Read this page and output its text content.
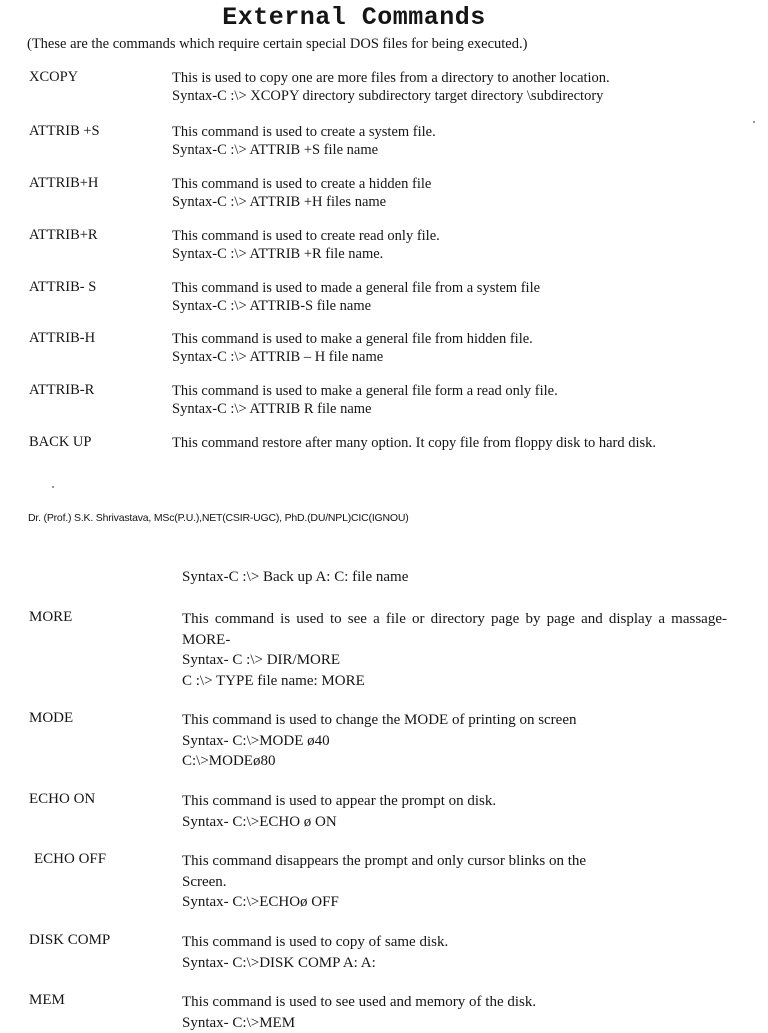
External Commands
(These are the commands which require certain special DOS files for being executed.)
XCOPY	This is used to copy one are more files from a directory to another location.
Syntax-C :\> XCOPY directory subdirectory target directory \subdirectory
ATTRIB +S	This command is used to create a system file.
Syntax-C :\> ATTRIB +S file name
ATTRIB+H	This command is used to create a hidden file
Syntax-C :\> ATTRIB +H files name
ATTRIB+R	This command is used to create read only file.
Syntax-C :\> ATTRIB +R file name.
ATTRIB- S	This command is used to made a general file from a system file
Syntax-C :\> ATTRIB-S file name
ATTRIB-H	This command is used to make a general file from hidden file.
Syntax-C :\> ATTRIB – H file name
ATTRIB-R	This command is used to make a general file form a read only file.
Syntax-C :\> ATTRIB R file name
BACK UP	This command restore after many option. It copy file from floppy disk to hard disk.
Dr. (Prof.) S.K. Shrivastava, MSc(P.U.),NET(CSIR-UGC), PhD.(DU/NPL)CIC(IGNOU)
Syntax-C :\> Back up A: C: file name
MORE	This command is used to see a file or directory page by page and display a massage-MORE-
Syntax- C :\> DIR/MORE
C :\> TYPE file name: MORE
MODE	This command is used to change the MODE of printing on screen
Syntax- C:\>MODE ø40
C:\>MODEø80
ECHO ON	This command is used to appear the prompt on disk.
Syntax- C:\>ECHO ø ON
ECHO OFF	This command disappears the prompt and only cursor blinks on the
Screen.
Syntax- C:\>ECHOø OFF
DISK COMP	This command is used to copy of same disk.
Syntax- C:\>DISK COMP A: A:
MEM	This command is used to see used and memory of the disk.
Syntax- C:\>MEM
